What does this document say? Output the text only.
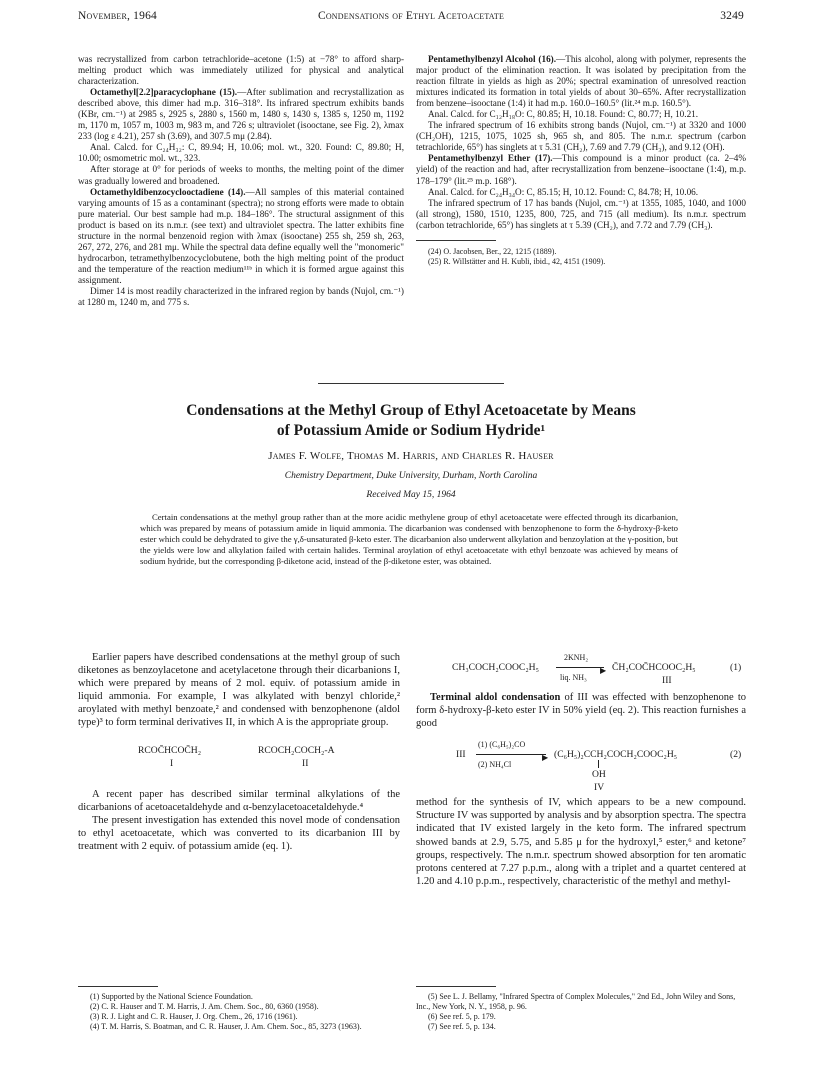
November, 1964	Condensations of Ethyl Acetoacetate	3249

was recrystallized from carbon tetrachloride–acetone (1:5) at −78° to afford sharp-melting product which was immediately utilized for physical and analytical characterization.

Octamethyl[2.2]paracyclophane (15).—After sublimation and recrystallization as described above, this dimer had m.p. 316–318°. Its infrared spectrum exhibits bands (KBr, cm.⁻¹) at 2985 s, 2925 s, 2880 s, 1560 m, 1480 s, 1430 s, 1385 s, 1250 m, 1192 m, 1170 m, 1057 m, 1003 m, 983 m, and 726 s; ultraviolet (isooctane, see Fig. 2), λmax 233 (log ε 4.21), 257 sh (3.69), and 307.5 mμ (2.84).

Anal. Calcd. for C₂₄H₃₂: C, 89.94; H, 10.06; mol. wt., 320. Found: C, 89.80; H, 10.00; osmometric mol. wt., 323.

After storage at 0° for periods of weeks to months, the melting point of the dimer was gradually lowered and broadened.

Octamethyldibenzocyclooctadiene (14).—All samples of this material contained varying amounts of 15 as a contaminant (spectra); no strong efforts were made to obtain pure material. Our best sample had m.p. 184–186°. The structural assignment of this product is based on its n.m.r. (see text) and ultraviolet spectra. The latter exhibits fine structure in the normal benzenoid region with λmax (isooctane) 255 sh, 259 sh, 263, 267, 272, 276, and 281 mμ. While the spectral data define equally well the "monomeric" hydrocarbon, tetramethylbenzocyclobutene, both the high melting point of the product and the temperature of the reaction medium¹¹ᵇ in which it is formed argue against this assignment.

Dimer 14 is most readily characterized in the infrared region by bands (Nujol, cm.⁻¹) at 1280 m, 1240 m, and 775 s.

Pentamethylbenzyl Alcohol (16).—This alcohol, along with polymer, represents the major product of the elimination reaction. It was isolated by precipitation from the reaction filtrate in yields as high as 20%; spectral examination of unresolved reaction mixtures indicated its formation in total yields of about 30–65%. After recrystallization from benzene–isooctane (1:4) it had m.p. 160.0–160.5° (lit.²⁴ m.p. 160.5°).

Anal. Calcd. for C₁₂H₁₈O: C, 80.85; H, 10.18. Found: C, 80.77; H, 10.21.

The infrared spectrum of 16 exhibits strong bands (Nujol, cm.⁻¹) at 3320 and 1000 (CH₂OH), 1215, 1075, 1025 sh, 965 sh, and 805. The n.m.r. spectrum (carbon tetrachloride, 65°) has singlets at τ 5.31 (CH₂), 7.69 and 7.79 (CH₃), and 9.12 (OH).

Pentamethylbenzyl Ether (17).—This compound is a minor product (ca. 2–4% yield) of the reaction and had, after recrystallization from benzene–isooctane (1:4), m.p. 178–179° (lit.²⁵ m.p. 168°).

Anal. Calcd. for C₂₄H₃₄O: C, 85.15; H, 10.12. Found: C, 84.78; H, 10.06.

The infrared spectrum of 17 has bands (Nujol, cm.⁻¹) at 1355, 1085, 1040, and 1000 (all strong), 1580, 1510, 1235, 800, 725, and 715 (all medium). Its n.m.r. spectrum (carbon tetrachloride, 65°) has singlets at τ 5.39 (CH₂), and 7.72 and 7.79 (CH₃).

(24) O. Jacobsen, Ber., 22, 1215 (1889).

(25) R. Willstätter and H. Kubli, ibid., 42, 4151 (1909).

Condensations at the Methyl Group of Ethyl Acetoacetate by Means
of Potassium Amide or Sodium Hydride¹
James F. Wolfe, Thomas M. Harris, and Charles R. Hauser
Chemistry Department, Duke University, Durham, North Carolina
Received May 15, 1964

Certain condensations at the methyl group rather than at the more acidic methylene group of ethyl acetoacetate were effected through its dicarbanion, which was prepared by means of potassium amide in liquid ammonia. The dicarbanion was condensed with benzophenone to form the δ-hydroxy-β-keto ester which could be dehydrated to give the γ,δ-unsaturated β-keto ester. The dicarbanion also underwent alkylation and benzoylation at the γ-position, but the yields were low and alkylation failed with certain halides. Terminal aroylation of ethyl acetoacetate with ethyl benzoate was achieved by means of sodium hydride, but the corresponding β-diketone acid, instead of the β-diketone ester, was obtained.

Earlier papers have described condensations at the methyl group of such diketones as benzoylacetone and acetylacetone through their dicarbanions I, which were prepared by means of 2 mol. equiv. of potassium amide in liquid ammonia. For example, I was alkylated with benzyl chloride,² aroylated with methyl benzoate,² and condensed with benzophenone (aldol type)³ to form terminal derivatives II, in which A is the appropriate group.

RCOC̄HCOC̄H₂
I
RCOCH₂COCH₂-A
II

A recent paper has described similar terminal alkylations of the dicarbanions of acetoacetaldehyde and α-benzylacetoacetaldehyde.⁴

The present investigation has extended this novel mode of condensation to ethyl acetoacetate, which was converted to its dicarbanion III by treatment with 2 equiv. of potassium amide (eq. 1).

(1) Supported by the National Science Foundation.

(2) C. R. Hauser and T. M. Harris, J. Am. Chem. Soc., 80, 6360 (1958).

(3) R. J. Light and C. R. Hauser, J. Org. Chem., 26, 1716 (1961).

(4) T. M. Harris, S. Boatman, and C. R. Hauser, J. Am. Chem. Soc., 85, 3273 (1963).

CH₃COCH₂COOC₂H₅
2KNH₂
▶
liq. NH₃
C̄H₂COC̄HCOOC₂H₅
III
(1)

Terminal aldol condensation of III was effected with benzophenone to form δ-hydroxy-β-keto ester IV in 50% yield (eq. 2). This reaction furnishes a good

III
(1) (C₆H₅)₂CO
▶
(2) NH₄Cl
(C₆H₅)₂CCH₂COCH₂COOC₂H₅
OH
IV
(2)

method for the synthesis of IV, which appears to be a new compound. Structure IV was supported by analysis and by absorption spectra. The spectra indicated that IV existed largely in the keto form. The infrared spectrum showed bands at 2.9, 5.75, and 5.85 μ for the hydroxyl,⁵ ester,⁶ and ketone⁷ groups, respectively. The n.m.r. spectrum showed absorption for ten aromatic protons centered at 7.27 p.p.m., along with a triplet and a quartet centered at 1.20 and 4.10 p.p.m., respectively, characteristic of the methyl and methyl-

(5) See L. J. Bellamy, "Infrared Spectra of Complex Molecules," 2nd Ed., John Wiley and Sons, Inc., New York, N. Y., 1958, p. 96.

(6) See ref. 5, p. 179.

(7) See ref. 5, p. 134.
